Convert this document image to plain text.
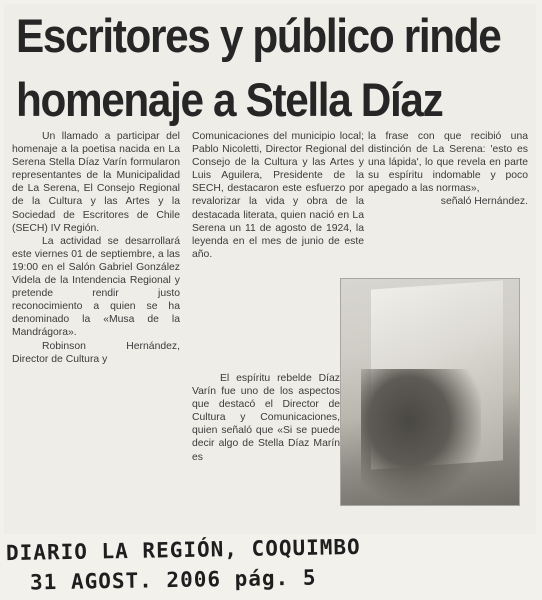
Escritores y público rinde
homenaje a Stella Díaz

Un llamado a participar del homenaje a la poetisa nacida en La Serena Stella Díaz Varín formularon representantes de la Municipalidad de La Serena, El Consejo Regional de la Cultura y las Artes y la Sociedad de Escritores de Chile (SECH) IV Región.

La actividad se desarrollará este viernes 01 de septiembre, a las 19:00 en el Salón Gabriel González Videla de la Intendencia Regional y pretende rendir justo reconocimiento a quien se ha denominado la «Musa de la Mandrágora».

Robinson Hernández, Director de Cultura y

Comunicaciones del municipio local; Pablo Nicoletti, Director Regional del Consejo de la Cultura y las Artes y Luis Aguilera, Presidente de la SECH, destacaron este esfuerzo por revalorizar la vida y obra de la destacada literata, quien nació en La Serena un 11 de agosto de 1924, la leyenda en el mes de junio de este año.

El espíritu rebelde Díaz Varín fue uno de los aspectos que destacó el Director de Cultura y Comunicaciones, quien señaló que «Si se puede decir algo de Stella Díaz Marín es

la frase con que recibió una distinción de La Serena: 'esto es una lápida', lo que revela en parte su espíritu indomable y poco apegado a las normas»,

señaló Hernández.

DIARIO LA REGIÓN, COQUIMBO
31 AGOST. 2006 pág. 5
